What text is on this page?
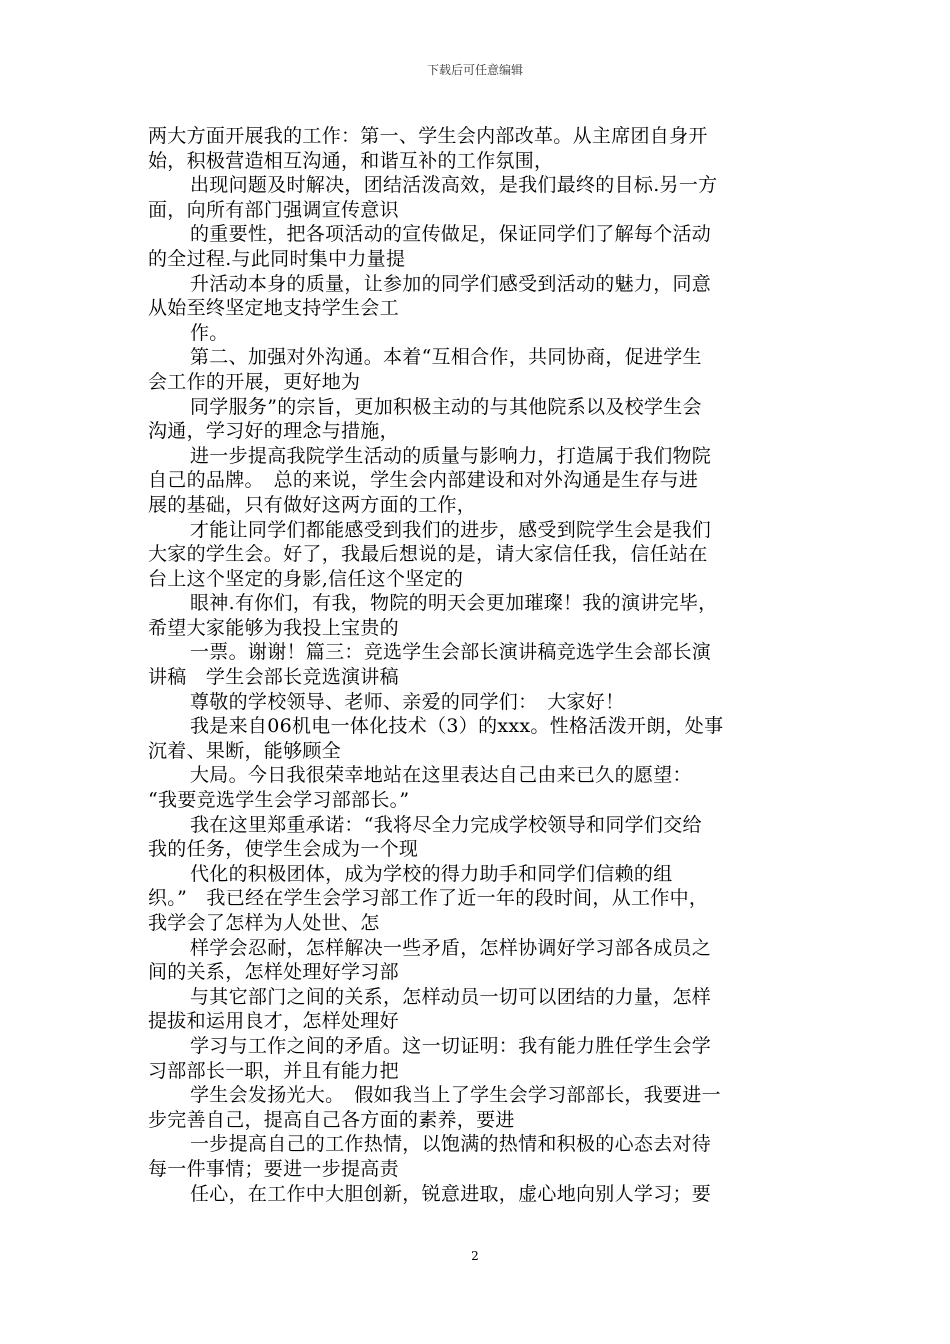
下载后可任意编辑
两大方面开展我的工作：第一、学生会内部改革。从主席团自身开
始，积极营造相互沟通，和谐互补的工作氛围，
出现问题及时解决，团结活泼高效，是我们最终的目标.另一方
面，向所有部门强调宣传意识
的重要性，把各项活动的宣传做足，保证同学们了解每个活动
的全过程.与此同时集中力量提
升活动本身的质量，让参加的同学们感受到活动的魅力，同意
从始至终坚定地支持学生会工
作。
第二、加强对外沟通。本着“互相合作，共同协商，促进学生
会工作的开展，更好地为
同学服务”的宗旨，更加积极主动的与其他院系以及校学生会
沟通，学习好的理念与措施，
进一步提高我院学生活动的质量与影响力，打造属于我们物院
自己的品牌。　总的来说，学生会内部建设和对外沟通是生存与进
展的基础，只有做好这两方面的工作，
才能让同学们都能感受到我们的进步，感受到院学生会是我们
大家的学生会。好了，我最后想说的是，请大家信任我，信任站在
台上这个坚定的身影,信任这个坚定的
眼神.有你们，有我，物院的明天会更加璀璨！我的演讲完毕，
希望大家能够为我投上宝贵的
一票。谢谢！篇三：竞选学生会部长演讲稿竞选学生会部长演
讲稿　学生会部长竞选演讲稿
尊敬的学校领导、老师、亲爱的同学们：　大家好！
我是来自06机电一体化技术（3）的xxx。性格活泼开朗，处事
沉着、果断，能够顾全
大局。今日我很荣幸地站在这里表达自己由来已久的愿望：
“我要竞选学生会学习部部长。”
我在这里郑重承诺：“我将尽全力完成学校领导和同学们交给
我的任务，使学生会成为一个现
代化的积极团体，成为学校的得力助手和同学们信赖的组
织。”　我已经在学生会学习部工作了近一年的段时间，从工作中，
我学会了怎样为人处世、怎
样学会忍耐，怎样解决一些矛盾，怎样协调好学习部各成员之
间的关系，怎样处理好学习部
与其它部门之间的关系，怎样动员一切可以团结的力量，怎样
提拔和运用良才，怎样处理好
学习与工作之间的矛盾。这一切证明：我有能力胜任学生会学
习部部长一职，并且有能力把
学生会发扬光大。　假如我当上了学生会学习部部长，我要进一
步完善自己，提高自己各方面的素养，要进
一步提高自己的工作热情，以饱满的热情和积极的心态去对待
每一件事情；要进一步提高责
任心，在工作中大胆创新，锐意进取，虚心地向别人学习；要
2
